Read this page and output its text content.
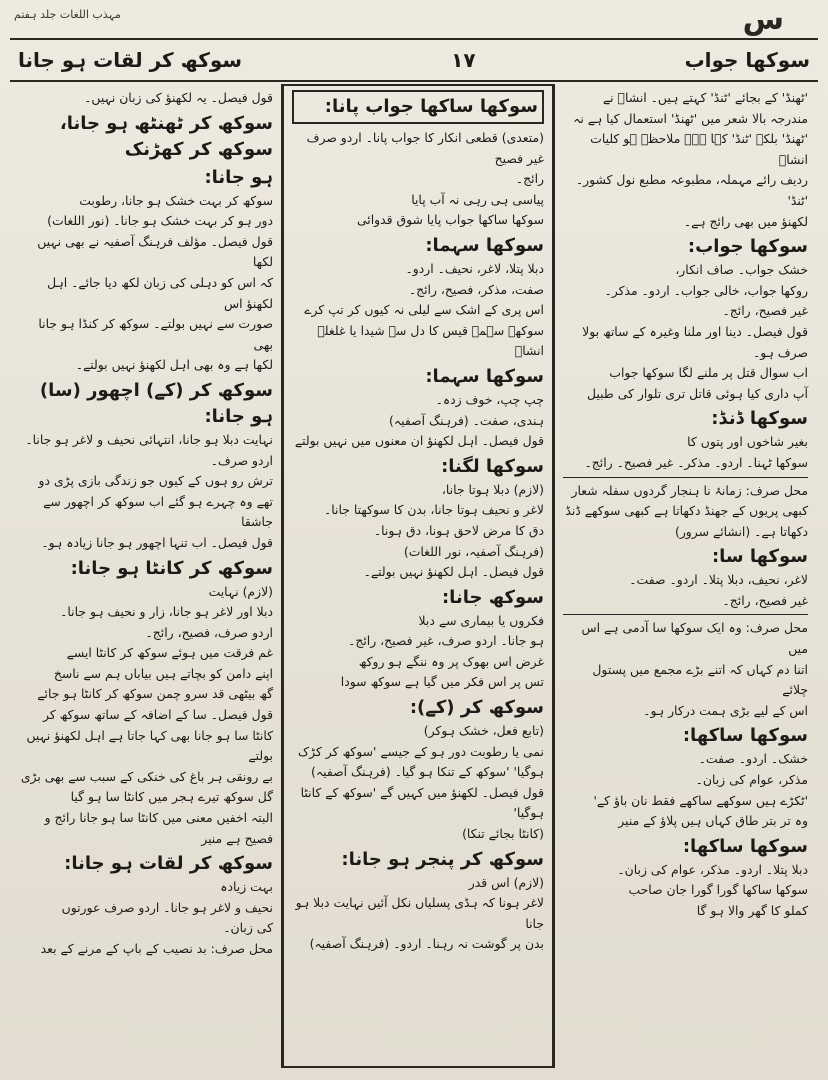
مہذب اللغات جلد ہفتم	س
سوکھ کر لقات ہو جانا	۱۷	سوکھا جواب

'ٹھنڈ' کے بجائے 'ٹنڈ' کہتے ہیں۔ انشاؔ نے

مندرجہ بالا شعر میں 'ٹھنڈ' استعمال کیا ہے نہ

'ٹھنڈ' بلکہ 'ٹنڈ' کہا ہے۔ ملاحظہ ہو کلیات انشاؔ

ردیف رائے مہملہ، مطبوعہ مطبع نول کشور۔ 'ٹنڈ'

لکھنؤ میں بھی رائج ہے۔

سوکھا جواب:

خشک جواب۔ صاف انکار،

روکھا جواب، خالی جواب۔ اردو۔ مذکر۔

غیر فصیح، رائج۔

قول فیصل۔ دینا اور ملنا وغیرہ کے ساتھ بولا

صرف ہو۔

اب سوال قتل پر ملنے لگا سوکھا جواب

آپ داری کیا ہوئی قاتل تری تلوار کی طبیل

سوکھا ڈنڈ:

بغیر شاخوں اور پتوں کا

سوکھا ٹہنا۔ اردو۔ مذکر۔ غیر فصیح۔ رائج۔

محل صرف: زمانۂ نا ہنجار گردوں سفلہ شعار

کبھی پریوں کے جھنڈ دکھاتا ہے کبھی سوکھے ڈنڈ

دکھاتا ہے۔ (انشائے سرور)

سوکھا سا:

لاغر، نحیف، دبلا پتلا۔ اردو۔ صفت۔

غیر فصیح، رائج۔

محل صرف: وہ ایک سوکھا سا آدمی ہے اس میں

اتنا دم کہاں کہ اتنے بڑے مجمع میں پستول چلائے

اس کے لیے بڑی ہمت درکار ہو۔

سوکھا ساکھا:

خشک۔ اردو۔ صفت۔

مذکر، عوام کی زبان۔

'ٹکڑے ہیں سوکھے ساکھے فقط نان باؤ کے'

وہ تر بتر طاق کہاں ہیں پلاؤ کے منیر

سوکھا ساکھا:

دبلا پتلا۔ اردو۔ مذکر، عوام کی زبان۔

سوکھا ساکھا گورا گورا جان صاحب

کملو کا گھر والا ہو گا

سوکھا ساکھا جواب پانا:

(متعدی) قطعی انکار کا جواب پانا۔ اردو صرف غیر فصیح

رائج۔

پیاسی ہی رہی نہ آب پایا

سوکھا ساکھا جواب پایا شوق قدوائی

سوکھا سہما:

دبلا پتلا، لاغر، نحیف۔ اردو۔

صفت، مذکر، فصیح، رائج۔

اس پری کے اشک سے لیلی نہ کیوں کر تپ کرے

سوکھے سہمے قیس کا دل سے شیدا یا غلغلہ انشاؔ

سوکھا سہما:

چپ چپ، خوف زدہ۔

ہندی، صفت۔ (فرہنگ آصفیہ)

قول فیصل۔ اہل لکھنؤ ان معنوں میں نہیں بولتے

سوکھا لگنا:

(لازم) دبلا ہوتا جانا،

لاغر و نحیف ہوتا جانا، بدن کا سوکھتا جانا۔

دق کا مرض لاحق ہونا، دق ہونا۔

(فرہنگ آصفیہ، نور اللغات)

قول فیصل۔ اہل لکھنؤ نہیں بولتے۔

سوکھ جانا:

فکروں یا بیماری سے دبلا

ہو جانا۔ اردو صرف، غیر فصیح، رائج۔

غرض اس بھوک پر وہ ننگے ہو روکھ

تس پر اس فکر میں گیا ہے سوکھ سودا

سوکھ کر (کے):

(تابع فعل، خشک ہوکر)

نمی یا رطوبت دور ہو کے جیسے 'سوکھ کر کڑک

ہوگیا' 'سوکھ کے تنکا ہو گیا۔ (فرہنگ آصفیہ)

قول فیصل۔ لکھنؤ میں کہیں گے 'سوکھ کے کانٹا ہوگیا'

(کانٹا بجائے تنکا)

سوکھ کر پنجر ہو جانا:

(لازم) اس قدر

لاغر ہونا کہ ہڈی پسلیاں نکل آئیں نہایت دبلا ہو جانا

بدن پر گوشت نہ رہنا۔ اردو۔ (فرہنگ آصفیہ)

قول فیصل۔ یہ لکھنؤ کی زبان نہیں۔

سوکھ کر ٹھنٹھ ہو جانا، سوکھ کر کھڑنک

ہو جانا:

سوکھ کر بہت خشک ہو جانا، رطوبت

دور ہو کر بہت خشک ہو جانا۔ (نور اللغات)

قول فیصل۔ مؤلف فرہنگ آصفیہ نے بھی نہیں لکھا

کہ اس کو دہلی کی زبان لکھ دیا جائے۔ اہل لکھنؤ اس

صورت سے نہیں بولتے۔ سوکھ کر کنڈا ہو جانا بھی

لکھا ہے وہ بھی اہل لکھنؤ نہیں بولتے۔

سوکھ کر (کے) اچھور (سا) ہو جانا:

نہایت دبلا ہو جانا، انتہائی نحیف و لاغر ہو جانا۔

اردو صرف۔

ترش رو ہوں کے کیوں جو زندگی بازی پڑی دو

تھے وہ چہرے ہو گئے اب سوکھ کر اچھور سے جاشقا

قول فیصل۔ اب تنہا اچھور ہو جانا زیادہ ہو۔

سوکھ کر کانٹا ہو جانا:

(لازم) نہایت

دبلا اور لاغر ہو جانا، زار و نحیف ہو جانا۔

اردو صرف، فصیح، رائج۔

غم فرقت میں ہوئے سوکھ کر کانٹا ایسے

اپنے دامن کو بچاتے ہیں بیاباں ہم سے ناسخ

گھ بیٹھی قد سرو چمن سوکھ کر کانٹا ہو جائے

قول فیصل۔ سا کے اضافہ کے ساتھ سوکھ کر

کانٹا سا ہو جانا بھی کہا جاتا ہے اہل لکھنؤ نہیں بولتے

بے رونقی ہر باغ کی خنکی کے سبب سے بھی بڑی

گل سوکھ تیرے ہجر میں کانٹا سا ہو گیا

البتہ اخفیں معنی میں کانٹا سا ہو جانا رائج و فصیح ہے منیر

سوکھ کر لقات ہو جانا:

بہت زیادہ

نحیف و لاغر ہو جانا۔ اردو صرف عورتوں

کی زبان۔

محل صرف: بد نصیب کے باپ کے مرنے کے بعد
